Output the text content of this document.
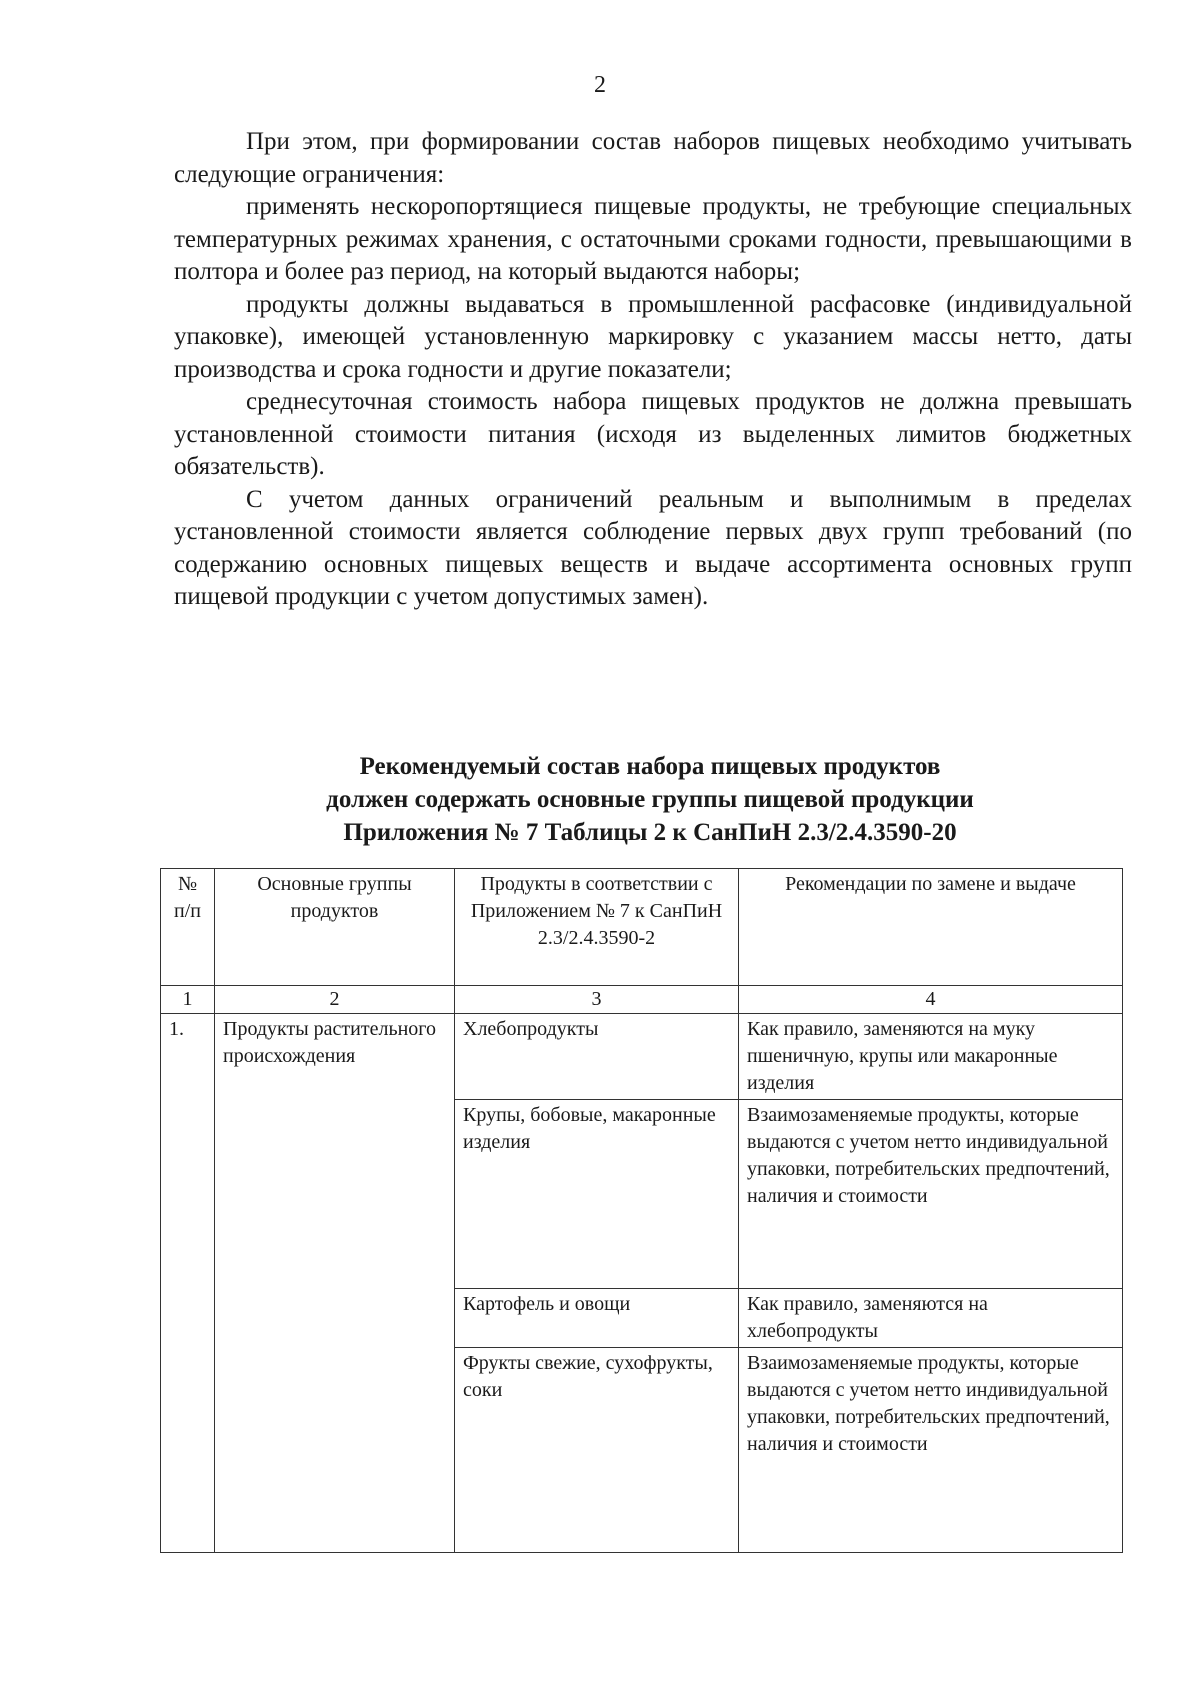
2

При этом, при формировании состав наборов пищевых необходимо учитывать следующие ограничения:

применять нескоропортящиеся пищевые продукты, не требующие специальных температурных режимах хранения, с остаточными сроками годности, превышающими в полтора и более раз период, на который выдаются наборы;

продукты должны выдаваться в промышленной расфасовке (индивидуальной упаковке), имеющей установленную маркировку с указанием массы нетто, даты производства и срока годности и другие показатели;

среднесуточная стоимость набора пищевых продуктов не должна превышать установленной стоимости питания (исходя из выделенных лимитов бюджетных обязательств).

С учетом данных ограничений реальным и выполнимым в пределах установленной стоимости является соблюдение первых двух групп требований (по содержанию основных пищевых веществ и выдаче ассортимента основных групп пищевой продукции с учетом допустимых замен).

Рекомендуемый состав набора пищевых продуктов
должен содержать основные группы пищевой продукции
Приложения № 7 Таблицы 2 к СанПиН 2.3/2.4.3590-20
№ п/п	Основные группы продуктов	Продукты в соответствии с Приложением № 7 к СанПиН 2.3/2.4.3590-2	Рекомендации по замене и выдаче
1	2	3	4
1.	Продукты растительного происхождения	Хлебопродукты	Как правило, заменяются на муку пшеничную, крупы или макаронные изделия
		Крупы, бобовые, макаронные изделия	Взаимозаменяемые продукты, которые выдаются с учетом нетто индивидуальной упаковки, потребительских предпочтений, наличия и стоимости
		Картофель и овощи	Как правило, заменяются на хлебопродукты
		Фрукты свежие, сухофрукты, соки	Взаимозаменяемые продукты, которые выдаются с учетом нетто индивидуальной упаковки, потребительских предпочтений, наличия и стоимости
